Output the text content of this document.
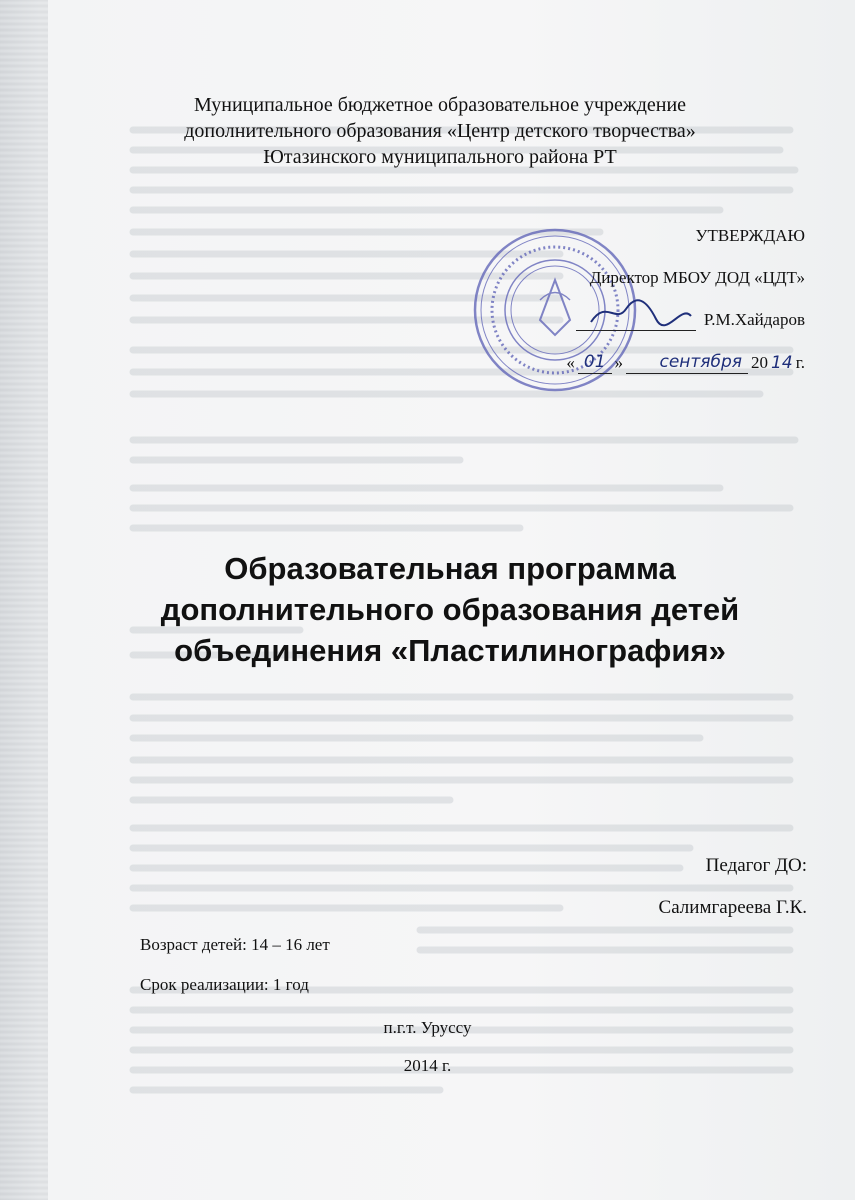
Муниципальное бюджетное образовательное учреждение
дополнительного образования «Центр детского творчества»
Ютазинского муниципального района РТ
УТВЕРЖДАЮ
Директор МБОУ ДОД «ЦДТ»
Р.М.Хайдаров
« 01 »	сентября 20 14 г.
Образовательная программа
дополнительного образования детей
объединения «Пластилинография»
Педагог ДО:
Салимгареева Г.К.
Возраст детей: 14 – 16 лет
Срок реализации: 1 год
п.г.т. Уруссу
2014 г.
